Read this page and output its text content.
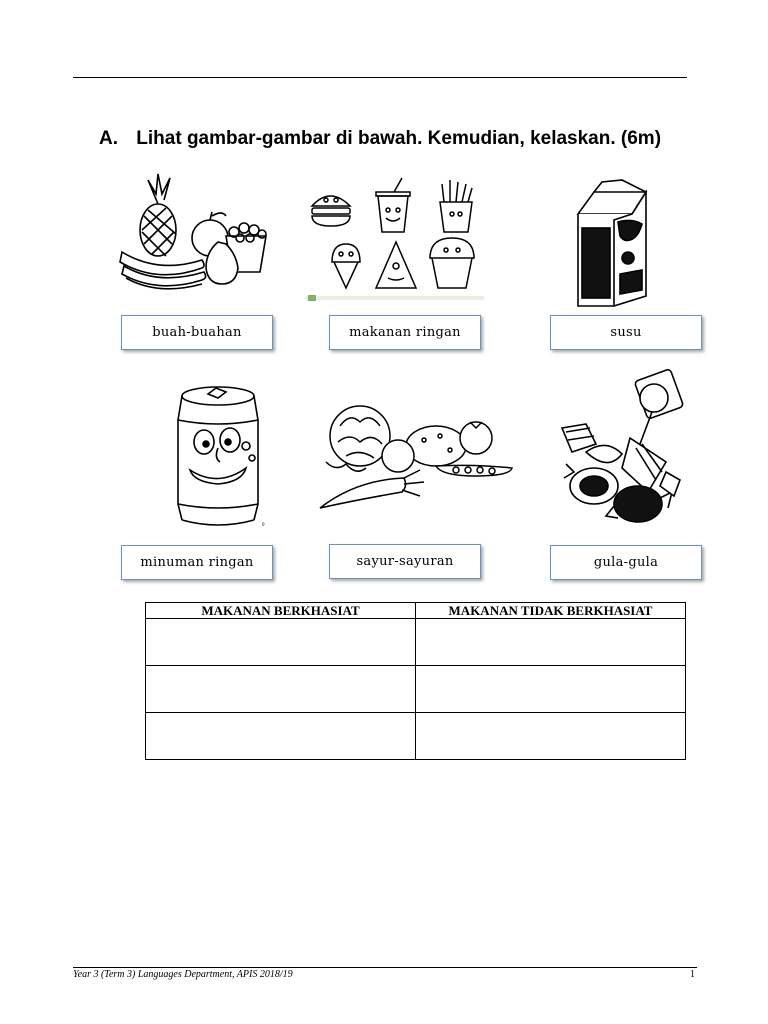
A. Lihat gambar-gambar di bawah. Kemudian, kelaskan. (6m)
buah-buahan	makanan ringan	susu
0
minuman ringan	sayur-sayuran	gula-gula
MAKANAN BERKHASIAT	MAKANAN TIDAK BERKHASIAT

Year 3 (Term 3) Languages Department, APIS 2018/19	1
